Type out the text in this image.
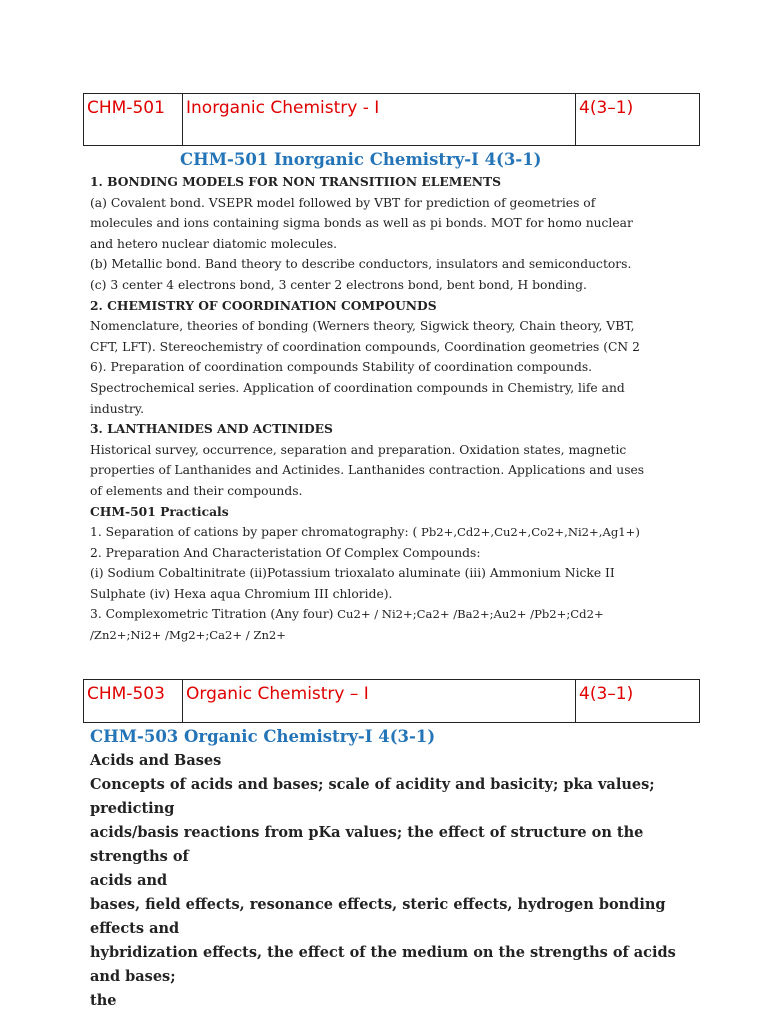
CHM-501	Inorganic Chemistry - I	4(3–1)
CHM-501 Inorganic Chemistry-I 4(3-1)

1. BONDING MODELS FOR NON TRANSITIION ELEMENTS

(a) Covalent bond. VSEPR model followed by VBT for prediction of geometries of

molecules and ions containing sigma bonds as well as pi bonds. MOT for homo nuclear

and hetero nuclear diatomic molecules.

(b) Metallic bond. Band theory to describe conductors, insulators and semiconductors.

(c) 3 center 4 electrons bond, 3 center 2 electrons bond, bent bond, H bonding.

2. CHEMISTRY OF COORDINATION COMPOUNDS

Nomenclature, theories of bonding (Werners theory, Sigwick theory, Chain theory, VBT,

CFT, LFT). Stereochemistry of coordination compounds, Coordination geometries (CN 2

6). Preparation of coordination compounds Stability of coordination compounds.

Spectrochemical series. Application of coordination compounds in Chemistry, life and

industry.

3. LANTHANIDES AND ACTINIDES

Historical survey, occurrence, separation and preparation. Oxidation states, magnetic

properties of Lanthanides and Actinides. Lanthanides contraction. Applications and uses

of elements and their compounds.

CHM-501 Practicals

1. Separation of cations by paper chromatography: ( Pb2+,Cd2+,Cu2+,Co2+,Ni2+,Ag1+)

2. Preparation And Characteristation Of Complex Compounds:

(i) Sodium Cobaltinitrate (ii)Potassium trioxalato aluminate (iii) Ammonium Nicke II

Sulphate (iv) Hexa aqua Chromium III chloride).

3. Complexometric Titration (Any four) Cu2+ / Ni2+;Ca2+ /Ba2+;Au2+ /Pb2+;Cd2+

/Zn2+;Ni2+ /Mg2+;Ca2+ / Zn2+

CHM-503	Organic Chemistry – I	4(3–1)
CHM-503 Organic Chemistry-I 4(3-1)

Acids and Bases

Concepts of acids and bases; scale of acidity and basicity; pka values; predicting

acids/basis reactions from pKa values; the effect of structure on the strengths of

acids and

bases, field effects, resonance effects, steric effects, hydrogen bonding effects and

hybridization effects, the effect of the medium on the strengths of acids and bases;

the
